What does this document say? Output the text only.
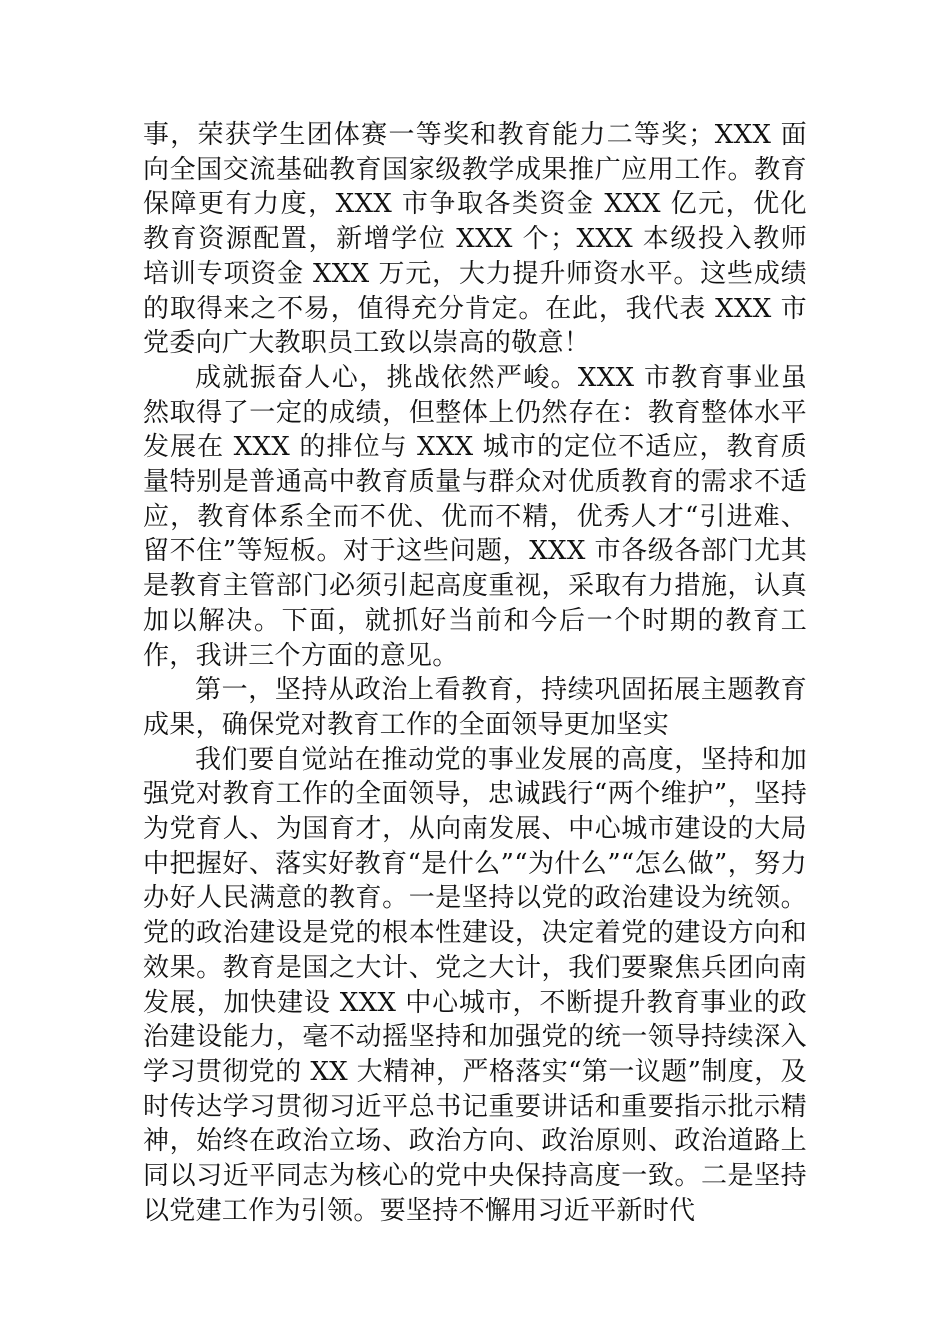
事，荣获学生团体赛一等奖和教育能力二等奖；XXX 面向全国交流基础教育国家级教学成果推广应用工作。教育保障更有力度，XXX 市争取各类资金 XXX 亿元，优化教育资源配置，新增学位 XXX 个；XXX 本级投入教师培训专项资金 XXX 万元，大力提升师资水平。这些成绩的取得来之不易，值得充分肯定。在此，我代表 XXX 市党委向广大教职员工致以崇高的敬意！

成就振奋人心，挑战依然严峻。XXX 市教育事业虽然取得了一定的成绩，但整体上仍然存在：教育整体水平发展在 XXX 的排位与 XXX 城市的定位不适应，教育质量特别是普通高中教育质量与群众对优质教育的需求不适应，教育体系全而不优、优而不精，优秀人才“引进难、留不住”等短板。对于这些问题，XXX 市各级各部门尤其是教育主管部门必须引起高度重视，采取有力措施，认真加以解决。下面，就抓好当前和今后一个时期的教育工作，我讲三个方面的意见。

第一，坚持从政治上看教育，持续巩固拓展主题教育成果，确保党对教育工作的全面领导更加坚实

我们要自觉站在推动党的事业发展的高度，坚持和加强党对教育工作的全面领导，忠诚践行“两个维护”，坚持为党育人、为国育才，从向南发展、中心城市建设的大局中把握好、落实好教育“是什么”“为什么”“怎么做”，努力办好人民满意的教育。一是坚持以党的政治建设为统领。党的政治建设是党的根本性建设，决定着党的建设方向和效果。教育是国之大计、党之大计，我们要聚焦兵团向南发展，加快建设 XXX 中心城市，不断提升教育事业的政治建设能力，毫不动摇坚持和加强党的统一领导持续深入学习贯彻党的 XX 大精神，严格落实“第一议题”制度，及时传达学习贯彻习近平总书记重要讲话和重要指示批示精神，始终在政治立场、政治方向、政治原则、政治道路上同以习近平同志为核心的党中央保持高度一致。二是坚持以党建工作为引领。要坚持不懈用习近平新时代
